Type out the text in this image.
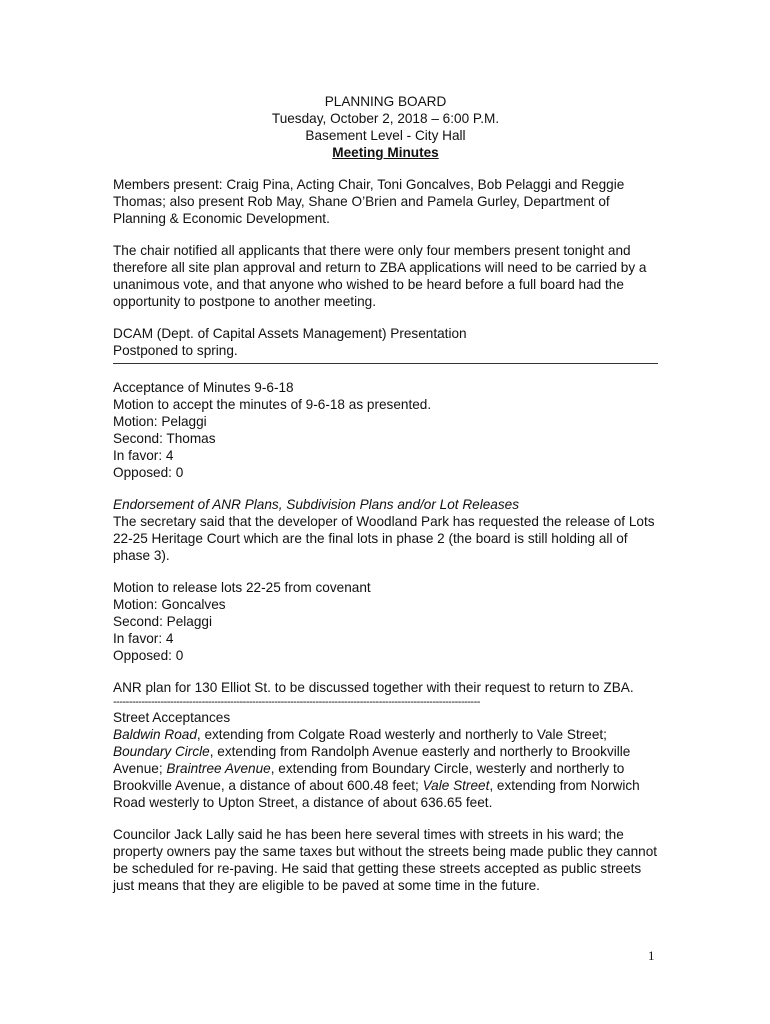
PLANNING BOARD

Tuesday, October 2, 2018 – 6:00 P.M.

Basement Level - City Hall

Meeting Minutes

Members present: Craig Pina, Acting Chair, Toni Goncalves, Bob Pelaggi and Reggie Thomas; also present Rob May, Shane O’Brien and Pamela Gurley, Department of Planning & Economic Development.

The chair notified all applicants that there were only four members present tonight and therefore all site plan approval and return to ZBA applications will need to be carried by a unanimous vote, and that anyone who wished to be heard before a full board had the opportunity to postpone to another meeting.

DCAM (Dept. of Capital Assets Management) Presentation

Postponed to spring.

Acceptance of Minutes 9-6-18

Motion to accept the minutes of 9-6-18 as presented.

Motion: Pelaggi

Second: Thomas

In favor: 4

Opposed: 0

Endorsement of ANR Plans, Subdivision Plans and/or Lot Releases

The secretary said that the developer of Woodland Park has requested the release of Lots 22-25 Heritage Court which are the final lots in phase 2 (the board is still holding all of phase 3).

Motion to release lots 22-25 from covenant

Motion: Goncalves

Second: Pelaggi

In favor: 4

Opposed: 0

ANR plan for 130 Elliot St. to be discussed together with their request to return to ZBA.

--------------------------------------------------------------------------------------------------------------------

Street Acceptances

Baldwin Road, extending from Colgate Road westerly and northerly to Vale Street; Boundary Circle, extending from Randolph Avenue easterly and northerly to Brookville Avenue; Braintree Avenue, extending from Boundary Circle, westerly and northerly to Brookville Avenue, a distance of about 600.48 feet; Vale Street, extending from Norwich Road westerly to Upton Street, a distance of about 636.65 feet.

Councilor Jack Lally said he has been here several times with streets in his ward; the property owners pay the same taxes but without the streets being made public they cannot be scheduled for re-paving. He said that getting these streets accepted as public streets just means that they are eligible to be paved at some time in the future.

1
